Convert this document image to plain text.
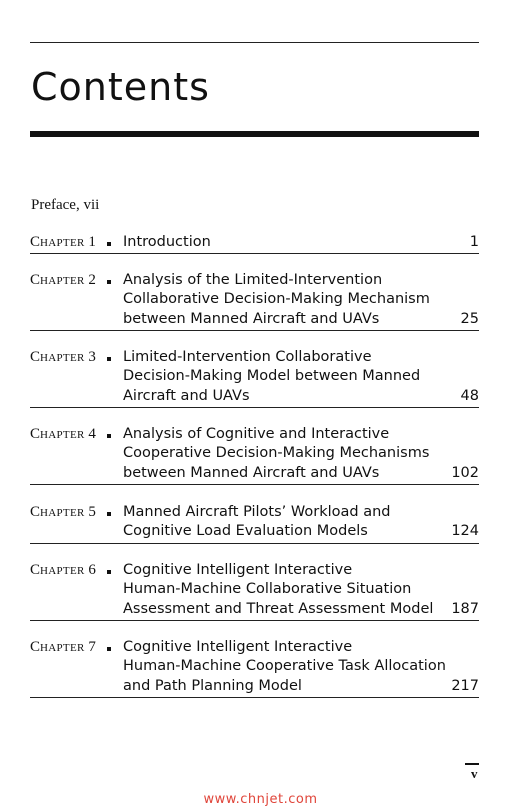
Contents
Preface, vii
CHAPTER 1	Introduction	1
CHAPTER 2	Analysis of the Limited-Intervention
Collaborative Decision-Making Mechanism
between Manned Aircraft and UAVs	25
CHAPTER 3	Limited-Intervention Collaborative
Decision-Making Model between Manned
Aircraft and UAVs	48
CHAPTER 4	Analysis of Cognitive and Interactive
Cooperative Decision-Making Mechanisms
between Manned Aircraft and UAVs	102
CHAPTER 5	Manned Aircraft Pilots’ Workload and
Cognitive Load Evaluation Models	124
CHAPTER 6	Cognitive Intelligent Interactive
Human-Machine Collaborative Situation
Assessment and Threat Assessment Model	187
CHAPTER 7	Cognitive Intelligent Interactive
Human-Machine Cooperative Task Allocation
and Path Planning Model	217
v
www.chnjet.com
